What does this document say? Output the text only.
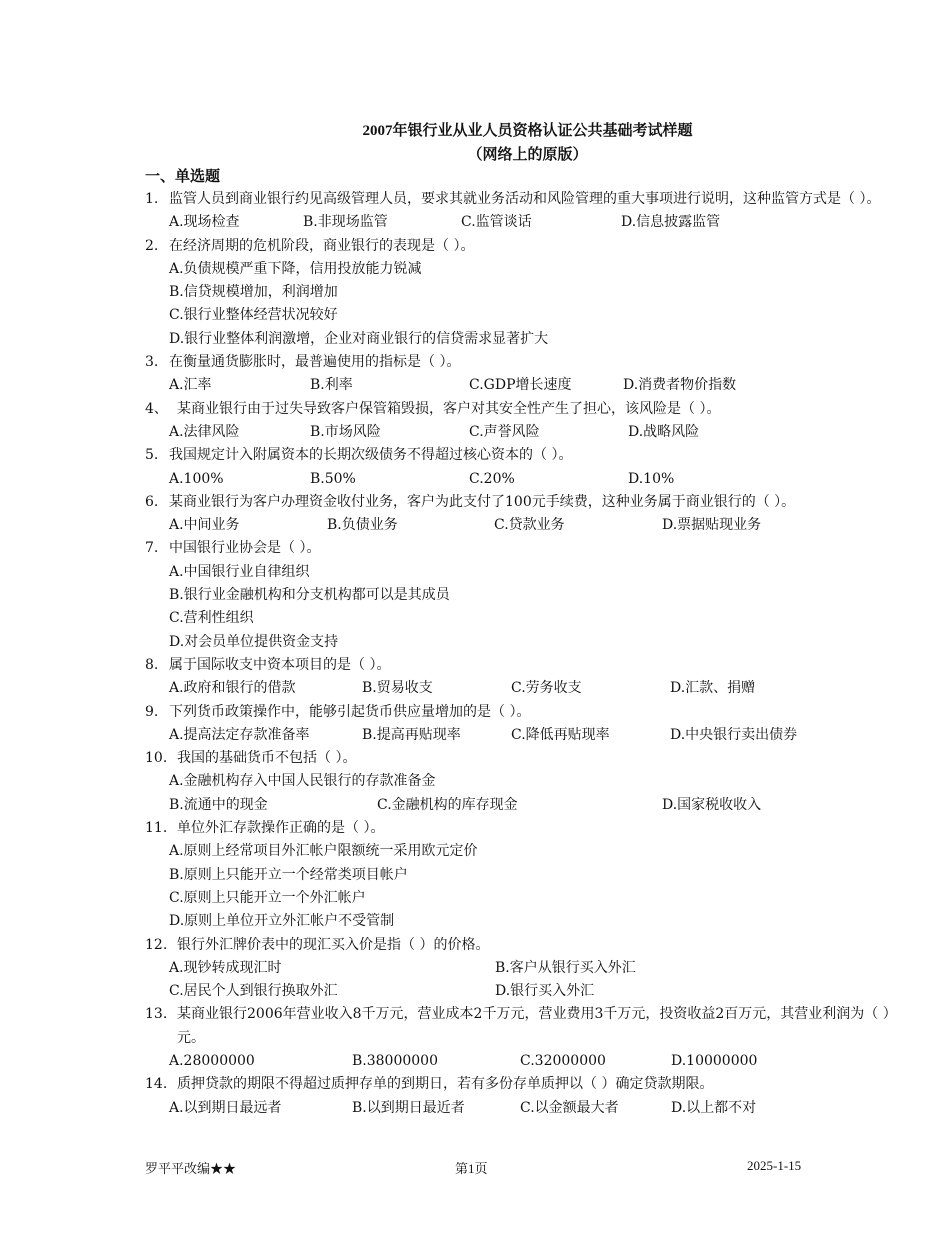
2007年银行业从业人员资格认证公共基础考试样题
（网络上的原版）
一、单选题
1. 监管人员到商业银行约见高级管理人员，要求其就业务活动和风险管理的重大事项进行说明，这种监管方式是（ ）。
A.现场检查	B.非现场监管	C.监管谈话	D.信息披露监管
2. 在经济周期的危机阶段，商业银行的表现是（ ）。
A.负债规模严重下降，信用投放能力锐减
B.信贷规模增加，利润增加
C.银行业整体经营状况较好
D.银行业整体利润激增，企业对商业银行的信贷需求显著扩大
3. 在衡量通货膨胀时，最普遍使用的指标是（ ）。
A.汇率	B.利率	C.GDP增长速度	D.消费者物价指数
4、 某商业银行由于过失导致客户保管箱毁损，客户对其安全性产生了担心，该风险是（ ）。
A.法律风险	B.市场风险	C.声誉风险	D.战略风险
5. 我国规定计入附属资本的长期次级债务不得超过核心资本的（ ）。
A.100%	B.50%	C.20%	D.10%
6. 某商业银行为客户办理资金收付业务，客户为此支付了100元手续费，这种业务属于商业银行的（ ）。
A.中间业务	B.负债业务	C.贷款业务	D.票据贴现业务
7. 中国银行业协会是（ ）。
A.中国银行业自律组织
B.银行业金融机构和分支机构都可以是其成员
C.营利性组织
D.对会员单位提供资金支持
8. 属于国际收支中资本项目的是（ ）。
A.政府和银行的借款	B.贸易收支	C.劳务收支	D.汇款、捐赠
9. 下列货币政策操作中，能够引起货币供应量增加的是（ ）。
A.提高法定存款准备率	B.提高再贴现率	C.降低再贴现率	D.中央银行卖出债券
10. 我国的基础货币不包括（ ）。
A.金融机构存入中国人民银行的存款准备金
B.流通中的现金	C.金融机构的库存现金	D.国家税收收入
11. 单位外汇存款操作正确的是（ ）。
A.原则上经常项目外汇帐户限额统一采用欧元定价
B.原则上只能开立一个经常类项目帐户
C.原则上只能开立一个外汇帐户
D.原则上单位开立外汇帐户不受管制
12. 银行外汇牌价表中的现汇买入价是指（ ）的价格。
A.现钞转成现汇时	B.客户从银行买入外汇
C.居民个人到银行换取外汇	D.银行买入外汇
13. 某商业银行2006年营业收入8千万元，营业成本2千万元，营业费用3千万元，投资收益2百万元，其营业利润为（ ）元。
A.28000000	B.38000000	C.32000000	D.10000000
14. 质押贷款的期限不得超过质押存单的到期日，若有多份存单质押以（ ）确定贷款期限。
A.以到期日最远者	B.以到期日最近者	C.以金额最大者	D.以上都不对
罗平平改编★★	第1页	2025-1-15
